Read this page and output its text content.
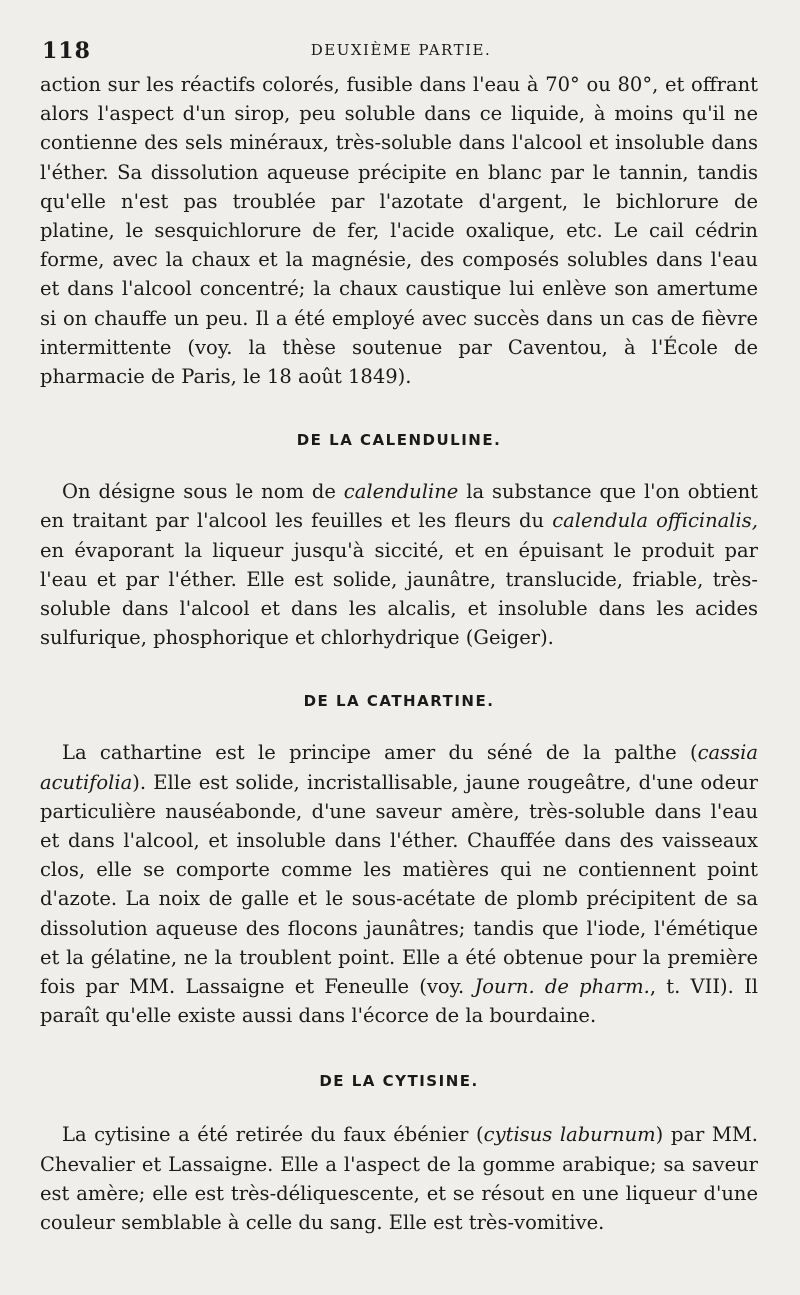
118	DEUXIÈME PARTIE.

action sur les réactifs colorés, fusible dans l'eau à 70° ou 80°, et offrant alors l'aspect d'un sirop, peu soluble dans ce liquide, à moins qu'il ne contienne des sels minéraux, très-soluble dans l'alcool et insoluble dans l'éther. Sa dissolution aqueuse précipite en blanc par le tannin, tandis qu'elle n'est pas troublée par l'azotate d'argent, le bichlorure de platine, le sesquichlorure de fer, l'acide oxalique, etc. Le cail cédrin forme, avec la chaux et la magnésie, des composés solubles dans l'eau et dans l'alcool concentré; la chaux caustique lui enlève son amertume si on chauffe un peu. Il a été employé avec succès dans un cas de fièvre intermittente (voy. la thèse soutenue par Caventou, à l'École de pharmacie de Paris, le 18 août 1849).

DE LA CALENDULINE.

On désigne sous le nom de calenduline la substance que l'on obtient en traitant par l'alcool les feuilles et les fleurs du calendula officinalis, en évaporant la liqueur jusqu'à siccité, et en épuisant le produit par l'eau et par l'éther. Elle est solide, jaunâtre, translucide, friable, très-soluble dans l'alcool et dans les alcalis, et insoluble dans les acides sulfurique, phosphorique et chlorhydrique (Geiger).

DE LA CATHARTINE.

La cathartine est le principe amer du séné de la palthe (cassia acutifolia). Elle est solide, incristallisable, jaune rougeâtre, d'une odeur particulière nauséabonde, d'une saveur amère, très-soluble dans l'eau et dans l'alcool, et insoluble dans l'éther. Chauffée dans des vaisseaux clos, elle se comporte comme les matières qui ne contiennent point d'azote. La noix de galle et le sous-acétate de plomb précipitent de sa dissolution aqueuse des flocons jaunâtres; tandis que l'iode, l'émétique et la gélatine, ne la troublent point. Elle a été obtenue pour la première fois par MM. Lassaigne et Feneulle (voy. Journ. de pharm., t. VII). Il paraît qu'elle existe aussi dans l'écorce de la bourdaine.

DE LA CYTISINE.

La cytisine a été retirée du faux ébénier (cytisus laburnum) par MM. Chevalier et Lassaigne. Elle a l'aspect de la gomme arabique; sa saveur est amère; elle est très-déliquescente, et se résout en une liqueur d'une couleur semblable à celle du sang. Elle est très-vomitive.
